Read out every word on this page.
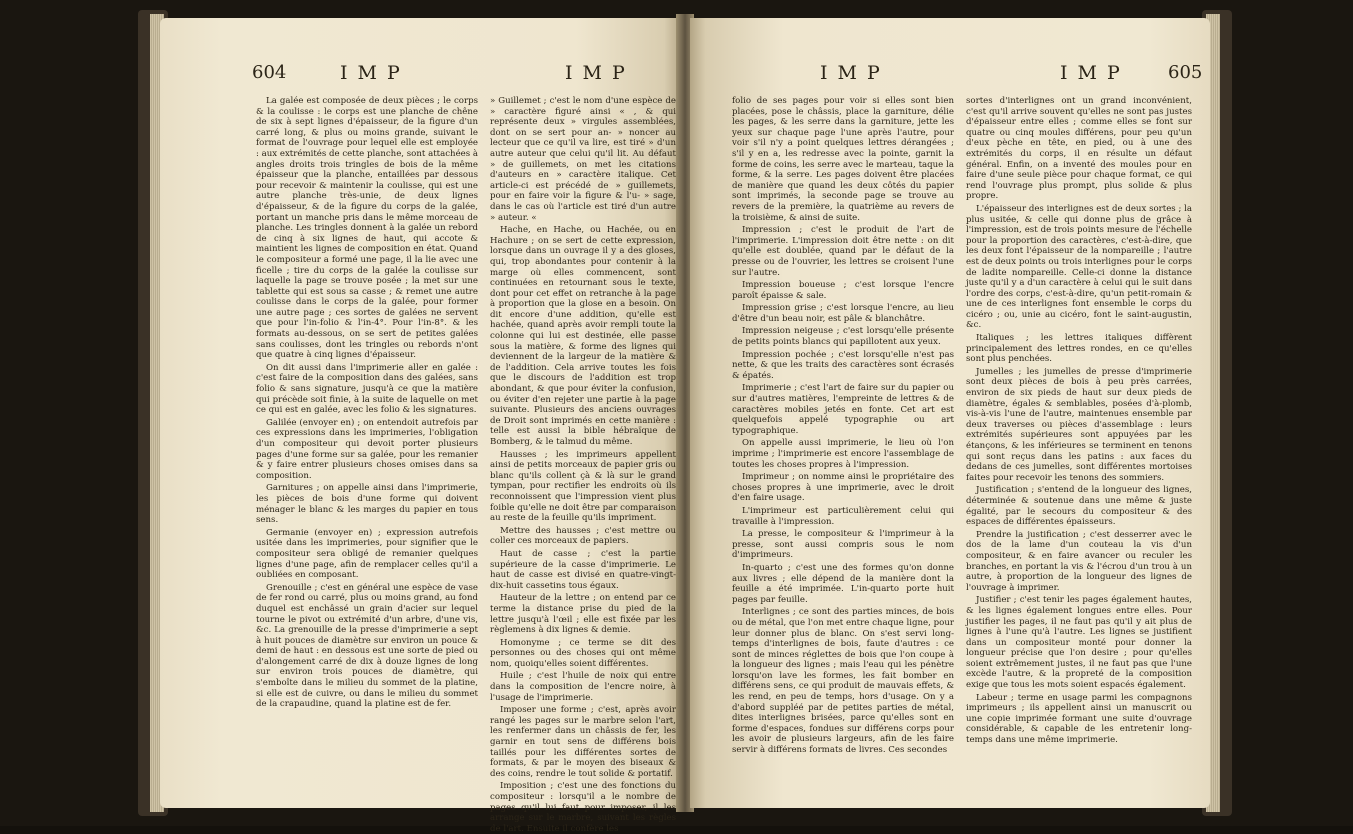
604	I M P	I M P

La galée est composée de deux pièces ; le corps & la coulisse : le corps est une planche de chêne de six à sept lignes d'épaisseur, de la figure d'un carré long, & plus ou moins grande, suivant le format de l'ouvrage pour lequel elle est employée : aux extrémités de cette planche, sont attachées à angles droits trois tringles de bois de la même épaisseur que la planche, entaillées par dessous pour recevoir & maintenir la coulisse, qui est une autre planche très-unie, de deux lignes d'épaisseur, & de la figure du corps de la galée, portant un manche pris dans le même morceau de planche. Les tringles donnent à la galée un rebord de cinq à six lignes de haut, qui accote & maintient les lignes de composition en état. Quand le compositeur a formé une page, il la lie avec une ficelle ; tire du corps de la galée la coulisse sur laquelle la page se trouve posée ; la met sur une tablette qui est sous sa casse ; & remet une autre coulisse dans le corps de la galée, pour former une autre page ; ces sortes de galées ne servent que pour l'in-folio & l'in-4°. Pour l'in-8°. & les formats au-dessous, on se sert de petites galées sans coulisses, dont les tringles ou rebords n'ont que quatre à cinq lignes d'épaisseur.

On dit aussi dans l'imprimerie aller en galée : c'est faire de la composition dans des galées, sans folio & sans signature, jusqu'à ce que la matière qui précède soit finie, à la suite de laquelle on met ce qui est en galée, avec les folio & les signatures.

Galilée (envoyer en) ; on entendoit autrefois par ces expressions dans les imprimeries, l'obligation d'un compositeur qui devoit porter plusieurs pages d'une forme sur sa galée, pour les remanier & y faire entrer plusieurs choses omises dans sa composition.

Garnitures ; on appelle ainsi dans l'imprimerie, les pièces de bois d'une forme qui doivent ménager le blanc & les marges du papier en tous sens.

Germanie (envoyer en) ; expression autrefois usitée dans les imprimeries, pour signifier que le compositeur sera obligé de remanier quelques lignes d'une page, afin de remplacer celles qu'il a oubliées en composant.

Grenouille ; c'est en général une espèce de vase de fer rond ou carré, plus ou moins grand, au fond duquel est enchâssé un grain d'acier sur lequel tourne le pivot ou extrémité d'un arbre, d'une vis, &c. La grenouille de la presse d'imprimerie a sept à huit pouces de diamètre sur environ un pouce & demi de haut : en dessous est une sorte de pied ou d'alongement carré de dix à douze lignes de long sur environ trois pouces de diamètre, qui s'emboîte dans le milieu du sommet de la platine, si elle est de cuivre, ou dans le milieu du sommet de la crapaudine, quand la platine est de fer.

» Guillemet ; c'est le nom d'une espèce de » caractère figuré ainsi « , & qui représente deux » virgules assemblées, dont on se sert pour an- » noncer au lecteur que ce qu'il va lire, est tiré » d'un autre auteur que celui qu'il lit. Au défaut » de guillemets, on met les citations d'auteurs en » caractère italique. Cet article-ci est précédé de » guillemets, pour en faire voir la figure & l'u- » sage, dans le cas où l'article est tiré d'un autre » auteur. «

Hache, en Hache, ou Hachée, ou en Hachure ; on se sert de cette expression, lorsque dans un ouvrage il y a des gloses, qui, trop abondantes pour contenir à la marge où elles commencent, sont continuées en retournant sous le texte, dont pour cet effet on retranche à la page à proportion que la glose en a besoin. On dit encore d'une addition, qu'elle est hachée, quand après avoir rempli toute la colonne qui lui est destinée, elle passe sous la matière, & forme des lignes qui deviennent de la largeur de la matière & de l'addition. Cela arrive toutes les fois que le discours de l'addition est trop abondant, & que pour éviter la confusion, ou éviter d'en rejeter une partie à la page suivante. Plusieurs des anciens ouvrages de Droit sont imprimés en cette manière : telle est aussi la bible hébraïque de Bomberg, & le talmud du même.

Hausses ; les imprimeurs appellent ainsi de petits morceaux de papier gris ou blanc qu'ils collent çà & là sur le grand tympan, pour rectifier les endroits où ils reconnoissent que l'impression vient plus foible qu'elle ne doit être par comparaison au reste de la feuille qu'ils impriment.

Mettre des hausses ; c'est mettre ou coller ces morceaux de papiers.

Haut de casse ; c'est la partie supérieure de la casse d'imprimerie. Le haut de casse est divisé en quatre-vingt-dix-huit cassetins tous égaux.

Hauteur de la lettre ; on entend par ce terme la distance prise du pied de la lettre jusqu'à l'œil ; elle est fixée par les règlemens à dix lignes & demie.

Homonyme ; ce terme se dit des personnes ou des choses qui ont même nom, quoiqu'elles soient différentes.

Huile ; c'est l'huile de noix qui entre dans la composition de l'encre noire, à l'usage de l'imprimerie.

Imposer une forme ; c'est, après avoir rangé les pages sur le marbre selon l'art, les renfermer dans un châssis de fer, les garnir en tout sens de différens bois taillés pour les différentes sortes de formats, & par le moyen des biseaux & des coins, rendre le tout solide & portatif.

Imposition ; c'est une des fonctions du compositeur : lorsqu'il a le nombre de pages qu'il lui faut pour imposer, il les arrange sur le marbre, suivant les règles de l'art. Ensuite il confère les

I M P	I M P	605

folio de ses pages pour voir si elles sont bien placées, pose le châssis, place la garniture, délie les pages, & les serre dans la garniture, jette les yeux sur chaque page l'une après l'autre, pour voir s'il n'y a point quelques lettres dérangées ; s'il y en a, les redresse avec la pointe, garnit la forme de coins, les serre avec le marteau, taque la forme, & la serre. Les pages doivent être placées de manière que quand les deux côtés du papier sont imprimés, la seconde page se trouve au revers de la première, la quatrième au revers de la troisième, & ainsi de suite.

Impression ; c'est le produit de l'art de l'imprimerie. L'impression doit être nette : on dit qu'elle est doublée, quand par le défaut de la presse ou de l'ouvrier, les lettres se croisent l'une sur l'autre.

Impression boueuse ; c'est lorsque l'encre paroît épaisse & sale.

Impression grise ; c'est lorsque l'encre, au lieu d'être d'un beau noir, est pâle & blanchâtre.

Impression neigeuse ; c'est lorsqu'elle présente de petits points blancs qui papillotent aux yeux.

Impression pochée ; c'est lorsqu'elle n'est pas nette, & que les traits des caractères sont écrasés & épatés.

Imprimerie ; c'est l'art de faire sur du papier ou sur d'autres matières, l'empreinte de lettres & de caractères mobiles jetés en fonte. Cet art est quelquefois appelé typographie ou art typographique.

On appelle aussi imprimerie, le lieu où l'on imprime ; l'imprimerie est encore l'assemblage de toutes les choses propres à l'impression.

Imprimeur ; on nomme ainsi le propriétaire des choses propres à une imprimerie, avec le droit d'en faire usage.

L'imprimeur est particulièrement celui qui travaille à l'impression.

La presse, le compositeur & l'imprimeur à la presse, sont aussi compris sous le nom d'imprimeurs.

In-quarto ; c'est une des formes qu'on donne aux livres ; elle dépend de la manière dont la feuille a été imprimée. L'in-quarto porte huit pages par feuille.

Interlignes ; ce sont des parties minces, de bois ou de métal, que l'on met entre chaque ligne, pour leur donner plus de blanc. On s'est servi long-temps d'interlignes de bois, faute d'autres : ce sont de minces réglettes de bois que l'on coupe à la longueur des lignes ; mais l'eau qui les pénètre lorsqu'on lave les formes, les fait bomber en différens sens, ce qui produit de mauvais effets, & les rend, en peu de temps, hors d'usage. On y a d'abord suppléé par de petites parties de métal, dites interlignes brisées, parce qu'elles sont en forme d'espaces, fondues sur différens corps pour les avoir de plusieurs largeurs, afin de les faire servir à différens formats de livres. Ces secondes

sortes d'interlignes ont un grand inconvénient, c'est qu'il arrive souvent qu'elles ne sont pas justes d'épaisseur entre elles ; comme elles se font sur quatre ou cinq moules différens, pour peu qu'un d'eux pèche en tête, en pied, ou à une des extrémités du corps, il en résulte un défaut général. Enfin, on a inventé des moules pour en faire d'une seule pièce pour chaque format, ce qui rend l'ouvrage plus prompt, plus solide & plus propre.

L'épaisseur des interlignes est de deux sortes ; la plus usitée, & celle qui donne plus de grâce à l'impression, est de trois points mesure de l'échelle pour la proportion des caractères, c'est-à-dire, que les deux font l'épaisseur de la nompareille ; l'autre est de deux points ou trois interlignes pour le corps de ladite nompareille. Celle-ci donne la distance juste qu'il y a d'un caractère à celui qui le suit dans l'ordre des corps, c'est-à-dire, qu'un petit-romain & une de ces interlignes font ensemble le corps du cicéro ; ou, unie au cicéro, font le saint-augustin, &c.

Italiques ; les lettres italiques diffèrent principalement des lettres rondes, en ce qu'elles sont plus penchées.

Jumelles ; les jumelles de presse d'imprimerie sont deux pièces de bois à peu près carrées, environ de six pieds de haut sur deux pieds de diamètre, égales & semblables, posées d'à-plomb, vis-à-vis l'une de l'autre, maintenues ensemble par deux traverses ou pièces d'assemblage : leurs extrémités supérieures sont appuyées par les étançons, & les inférieures se terminent en tenons qui sont reçus dans les patins : aux faces du dedans de ces jumelles, sont différentes mortoises faites pour recevoir les tenons des sommiers.

Justification ; s'entend de la longueur des lignes, déterminée & soutenue dans une même & juste égalité, par le secours du compositeur & des espaces de différentes épaisseurs.

Prendre la justification ; c'est desserrer avec le dos de la lame d'un couteau la vis d'un compositeur, & en faire avancer ou reculer les branches, en portant la vis & l'écrou d'un trou à un autre, à proportion de la longueur des lignes de l'ouvrage à imprimer.

Justifier ; c'est tenir les pages également hautes, & les lignes également longues entre elles. Pour justifier les pages, il ne faut pas qu'il y ait plus de lignes à l'une qu'à l'autre. Les lignes se justifient dans un compositeur monté pour donner la longueur précise que l'on desire ; pour qu'elles soient extrêmement justes, il ne faut pas que l'une excède l'autre, & la propreté de la composition exige que tous les mots soient espacés également.

Labeur ; terme en usage parmi les compagnons imprimeurs ; ils appellent ainsi un manuscrit ou une copie imprimée formant une suite d'ouvrage considérable, & capable de les entretenir long-temps dans une même imprimerie.
